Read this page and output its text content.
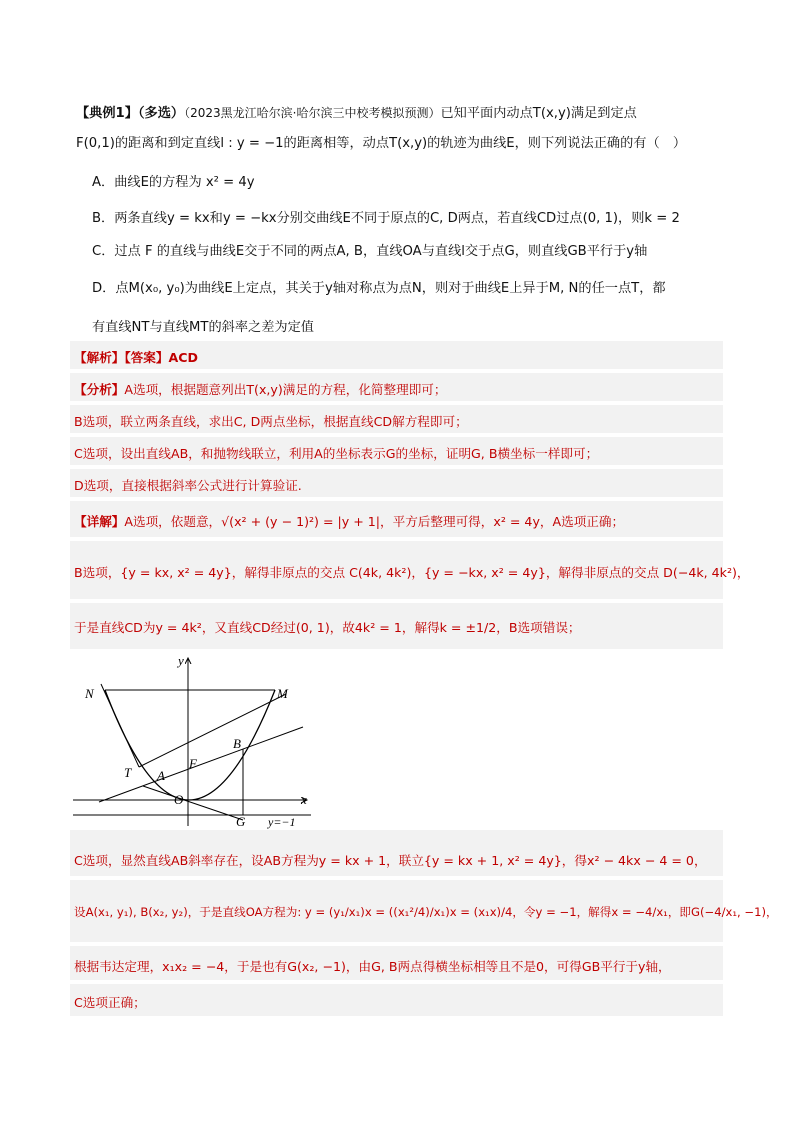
【典例1】（多选）（2023黑龙江哈尔滨·哈尔滨三中校考模拟预测）已知平面内动点T(x,y)满足到定点
F(0,1)的距离和到定直线l : y = −1的距离相等，动点T(x,y)的轨迹为曲线E，则下列说法正确的有（　）
A．曲线E的方程为 x² = 4y
B．两条直线y = kx和y = −kx分别交曲线E不同于原点的C, D两点，若直线CD过点(0, 1)，则k = 2
C．过点 F 的直线与曲线E交于不同的两点A, B，直线OA与直线l交于点G，则直线GB平行于y轴
D．点M(x₀, y₀)为曲线E上定点，其关于y轴对称点为点N，则对于曲线E上异于M, N的任一点T，都
有直线NT与直线MT的斜率之差为定值
【解析】【答案】ACD
【分析】A选项，根据题意列出T(x,y)满足的方程，化简整理即可；
B选项，联立两条直线，求出C, D两点坐标，根据直线CD解方程即可；
C选项，设出直线AB，和抛物线联立，利用A的坐标表示G的坐标，证明G, B横坐标一样即可；
D选项，直接根据斜率公式进行计算验证.
【详解】A选项，依题意，√(x² + (y − 1)²) = |y + 1|，平方后整理可得，x² = 4y，A选项正确；
B选项，{y = kx, x² = 4y}，解得非原点的交点 C(4k, 4k²)，{y = −kx, x² = 4y}，解得非原点的交点 D(−4k, 4k²)，
于是直线CD为y = 4k²，又直线CD经过(0, 1)，故4k² = 1，解得k = ±1/2，B选项错误；
y
x
N	M
B
T A
F
O
G y=−1
C选项，显然直线AB斜率存在，设AB方程为y = kx + 1，联立{y = kx + 1, x² = 4y}，得x² − 4kx − 4 = 0，
设A(x₁, y₁), B(x₂, y₂)，于是直线OA方程为: y = (y₁/x₁)x = ((x₁²/4)/x₁)x = (x₁x)/4，令y = −1，解得x = −4/x₁，即G(−4/x₁, −1)，
根据韦达定理，x₁x₂ = −4，于是也有G(x₂, −1)，由G, B两点得横坐标相等且不是0，可得GB平行于y轴，
C选项正确；
